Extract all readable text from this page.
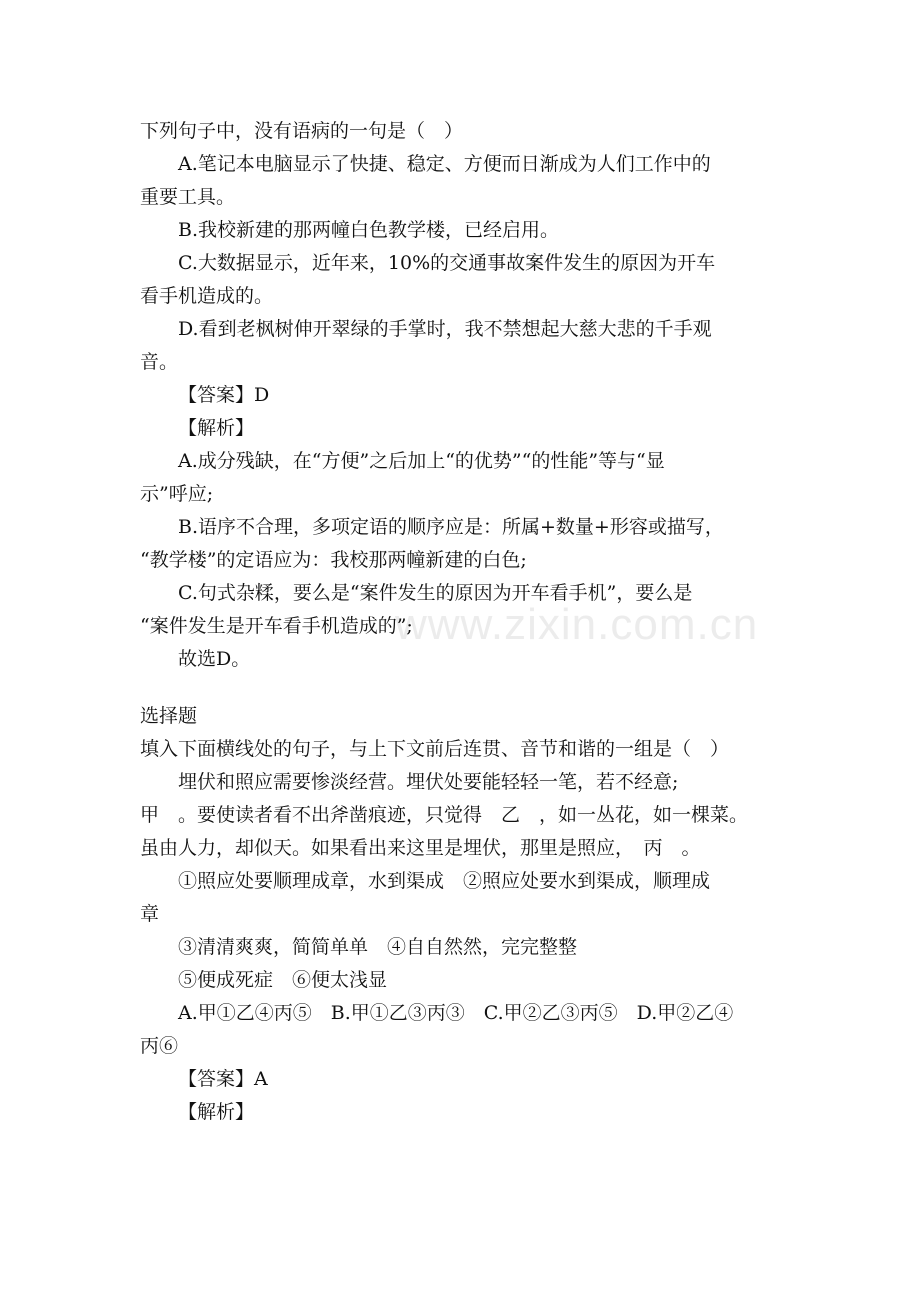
www.zixin.com.cn

下列句子中，没有语病的一句是（　）

A.笔记本电脑显示了快捷、稳定、方便而日渐成为人们工作中的

重要工具。

B.我校新建的那两幢白色教学楼，已经启用。

C.大数据显示，近年来，10%的交通事故案件发生的原因为开车

看手机造成的。

D.看到老枫树伸开翠绿的手掌时，我不禁想起大慈大悲的千手观

音。

【答案】D

【解析】

A.成分残缺，在“方便”之后加上“的优势”“的性能”等与“显

示”呼应;

B.语序不合理，多项定语的顺序应是：所属+数量+形容或描写，

“教学楼”的定语应为：我校那两幢新建的白色;

C.句式杂糅，要么是“案件发生的原因为开车看手机”，要么是

“案件发生是开车看手机造成的”;

故选D。

选择题

填入下面横线处的句子，与上下文前后连贯、音节和谐的一组是（　）

埋伏和照应需要惨淡经营。埋伏处要能轻轻一笔，若不经意;

甲　。要使读者看不出斧凿痕迹，只觉得　乙　，如一丛花，如一棵菜。

虽由人力，却似天。如果看出来这里是埋伏，那里是照应，　丙　。

①照应处要顺理成章，水到渠成　②照应处要水到渠成，顺理成

章

③清清爽爽，简简单单　④自自然然，完完整整

⑤便成死症　⑥便太浅显

A.甲①乙④丙⑤　B.甲①乙③丙③　C.甲②乙③丙⑤　D.甲②乙④

丙⑥

【答案】A

【解析】
